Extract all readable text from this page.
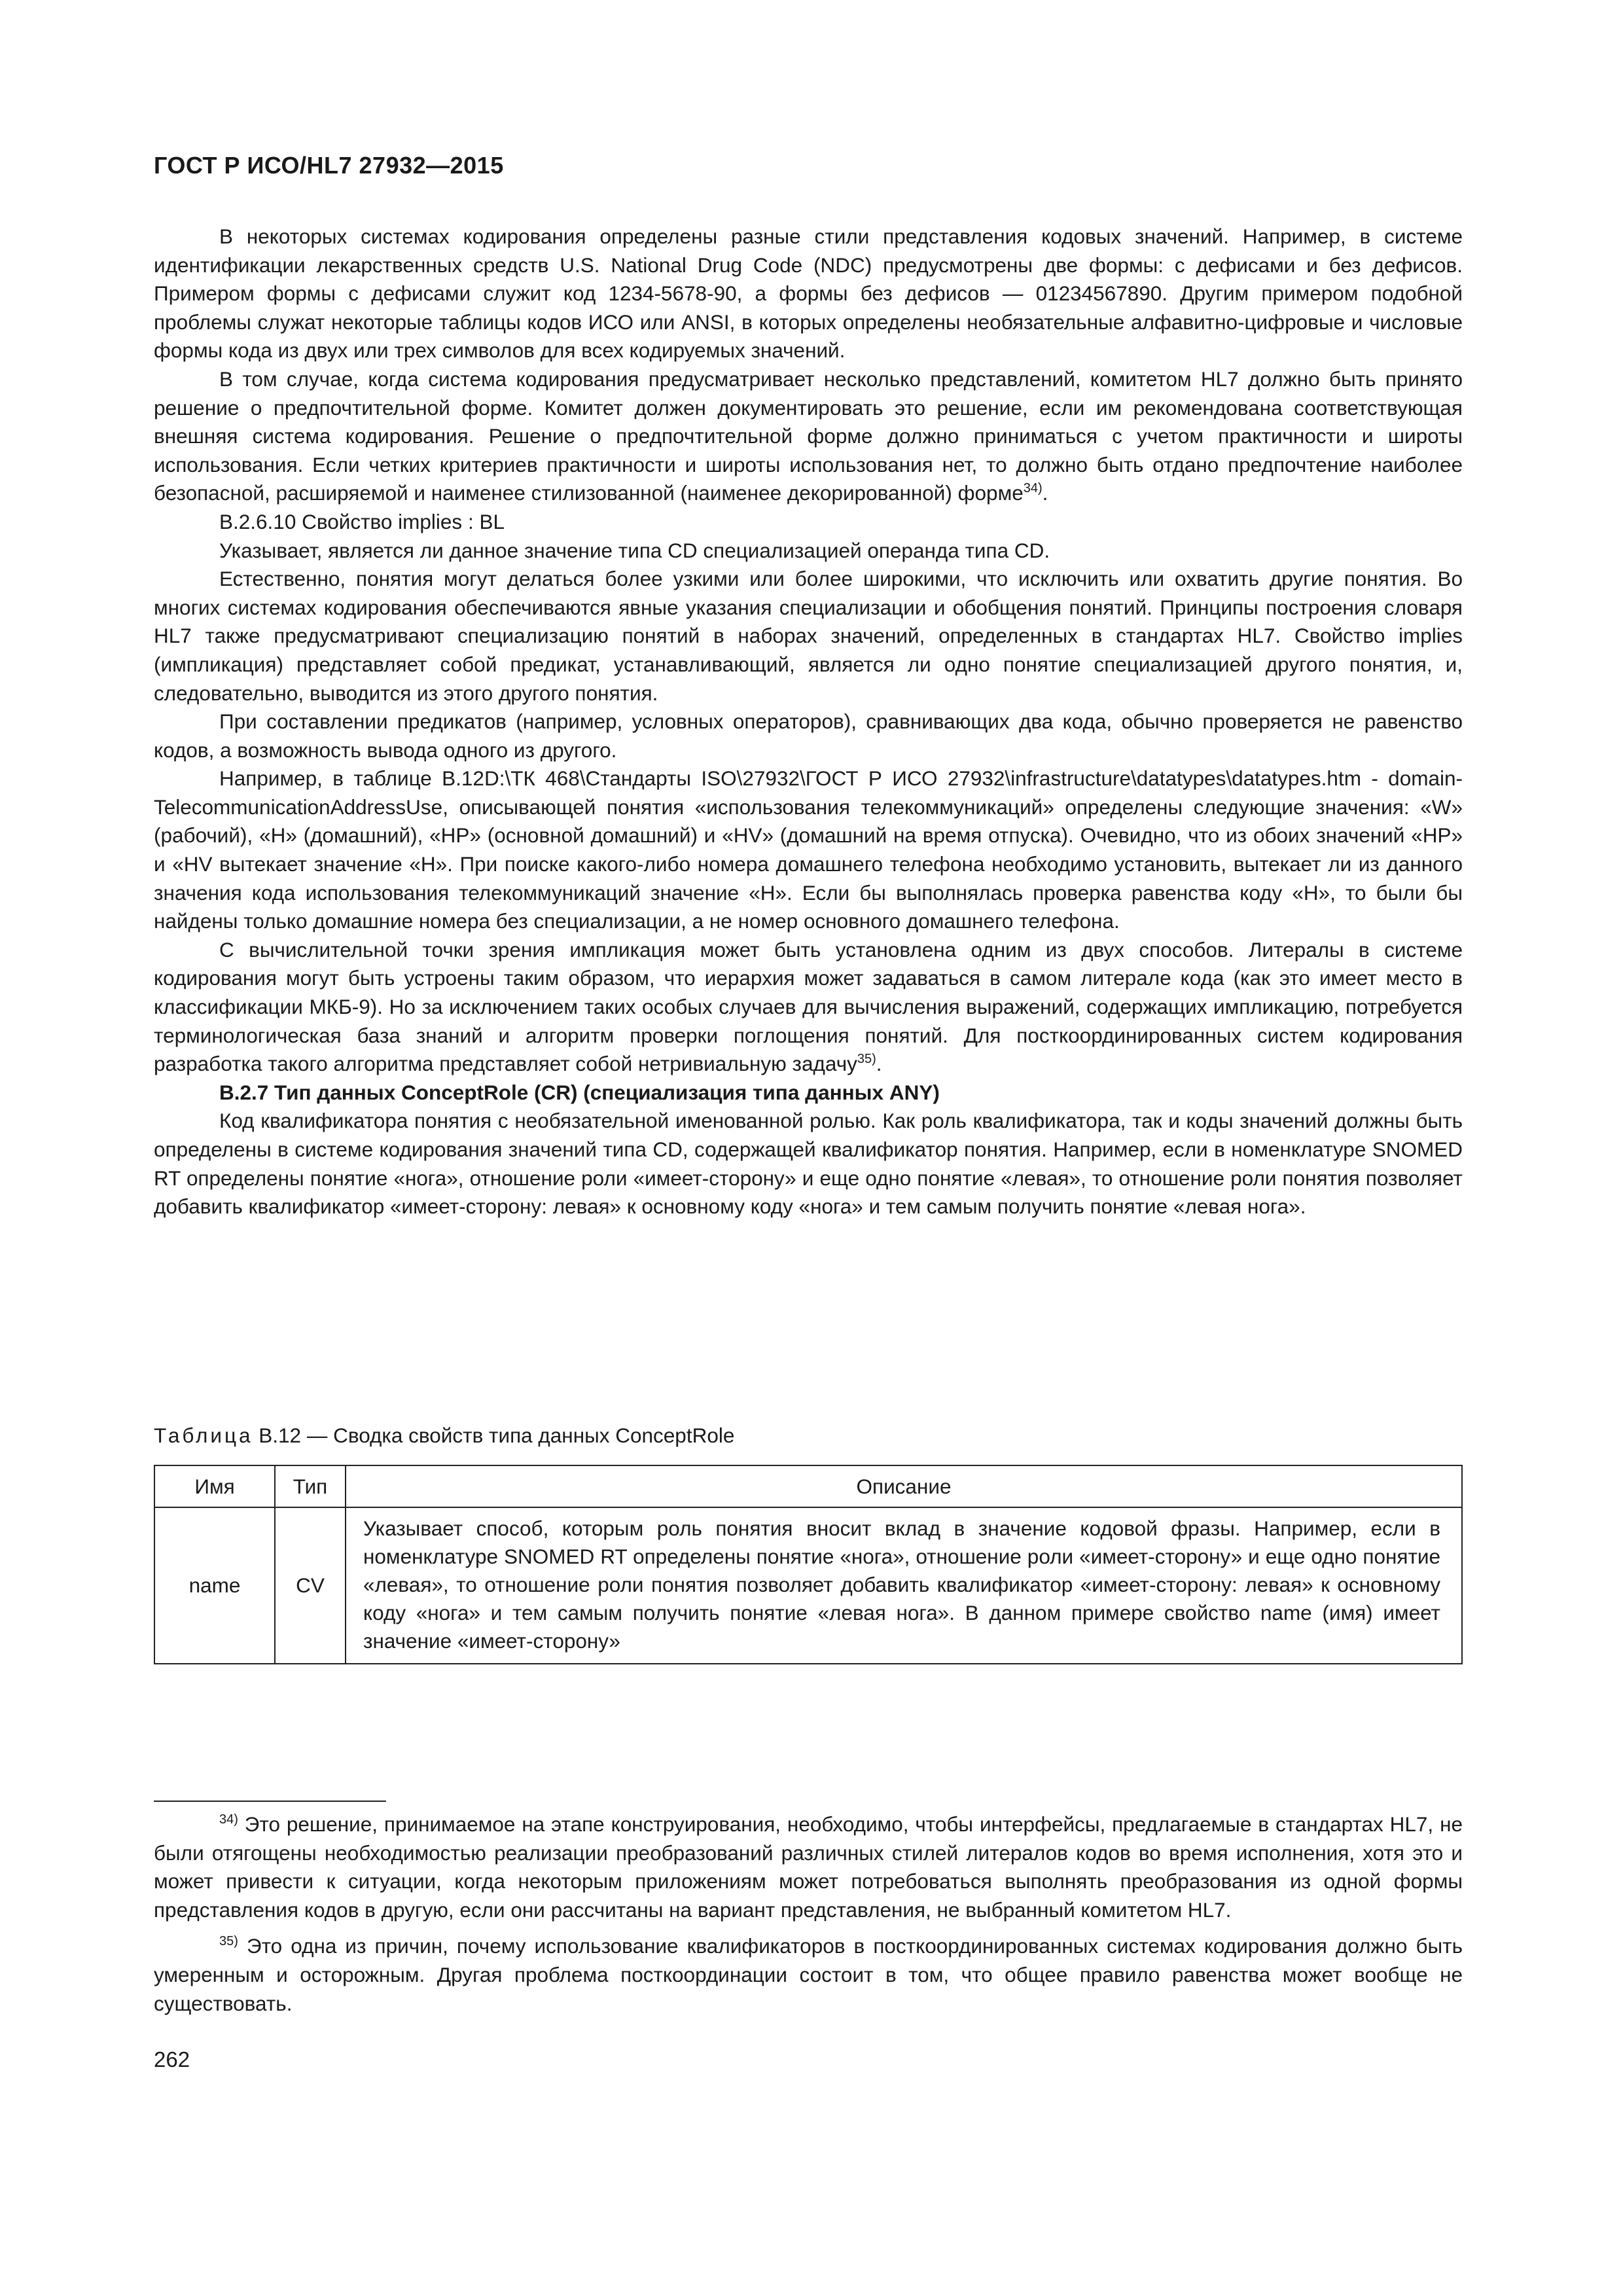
ГОСТ Р ИСО/HL7 27932—2015

В некоторых системах кодирования определены разные стили представления кодовых значений. Например, в системе идентификации лекарственных средств U.S. National Drug Code (NDC) предусмотрены две формы: с дефисами и без дефисов. Примером формы с дефисами служит код 1234-5678-90, а формы без дефисов — 01234567890. Другим примером подобной проблемы служат некоторые таблицы кодов ИСО или ANSI, в которых определены необязательные алфавитно-цифровые и числовые формы кода из двух или трех символов для всех кодируемых значений.

В том случае, когда система кодирования предусматривает несколько представлений, комитетом HL7 должно быть принято решение о предпочтительной форме. Комитет должен документировать это решение, если им рекомендована соответствующая внешняя система кодирования. Решение о предпочтительной форме должно приниматься с учетом практичности и широты использования. Если четких критериев практичности и широты использования нет, то должно быть отдано предпочтение наиболее безопасной, расширяемой и наименее стилизованной (наименее декорированной) форме$^{34)}$.

B.2.6.10 Свойство implies : BL

Указывает, является ли данное значение типа CD специализацией операнда типа CD.

Естественно, понятия могут делаться более узкими или более широкими, что исключить или охватить другие понятия. Во многих системах кодирования обеспечиваются явные указания специализации и обобщения понятий. Принципы построения словаря HL7 также предусматривают специализацию понятий в наборах значений, определенных в стандартах HL7. Свойство implies (импликация) представляет собой предикат, устанавливающий, является ли одно понятие специализацией другого понятия, и, следовательно, выводится из этого другого понятия.

При составлении предикатов (например, условных операторов), сравнивающих два кода, обычно проверяется не равенство кодов, а возможность вывода одного из другого.

Например, в таблице B.12D:\ТК 468\Стандарты ISO\27932\ГОСТ Р ИСО 27932\infrastructure\datatypes\datatypes.htm - domain-TelecommunicationAddressUse, описывающей понятия «использования телекоммуникаций» определены следующие значения: «W» (рабочий), «H» (домашний), «HP» (основной домашний) и «HV» (домашний на время отпуска). Очевидно, что из обоих значений «HP» и «HV вытекает значение «H». При поиске какого-либо номера домашнего телефона необходимо установить, вытекает ли из данного значения кода использования телекоммуникаций значение «H». Если бы выполнялась проверка равенства коду «H», то были бы найдены только домашние номера без специализации, а не номер основного домашнего телефона.

С вычислительной точки зрения импликация может быть установлена одним из двух способов. Литералы в системе кодирования могут быть устроены таким образом, что иерархия может задаваться в самом литерале кода (как это имеет место в классификации МКБ-9). Но за исключением таких особых случаев для вычисления выражений, содержащих импликацию, потребуется терминологическая база знаний и алгоритм проверки поглощения понятий. Для посткоординированных систем кодирования разработка такого алгоритма представляет собой нетривиальную задачу$^{35)}$.

B.2.7 Тип данных ConceptRole (CR) (специализация типа данных ANY)

Код квалификатора понятия с необязательной именованной ролью. Как роль квалификатора, так и коды значений должны быть определены в системе кодирования значений типа CD, содержащей квалификатор понятия. Например, если в номенклатуре SNOMED RT определены понятие «нога», отношение роли «имеет-сторону» и еще одно понятие «левая», то отношение роли понятия позволяет добавить квалификатор «имеет-сторону: левая» к основному коду «нога» и тем самым получить понятие «левая нога».

Таблица B.12 — Сводка свойств типа данных ConceptRole
Имя	Тип	Описание
name	CV	Указывает способ, которым роль понятия вносит вклад в значение кодовой фразы. Например, если в номенклатуре SNOMED RT определены понятие «нога», отношение роли «имеет-сторону» и еще одно понятие «левая», то отношение роли понятия позволяет добавить квалификатор «имеет-сторону: левая» к основному коду «нога» и тем самым получить понятие «левая нога». В данном примере свойство name (имя) имеет значение «имеет-сторону»

$^{34)}$ Это решение, принимаемое на этапе конструирования, необходимо, чтобы интерфейсы, предлагаемые в стандартах HL7, не были отягощены необходимостью реализации преобразований различных стилей литералов кодов во время исполнения, хотя это и может привести к ситуации, когда некоторым приложениям может потребоваться выполнять преобразования из одной формы представления кодов в другую, если они рассчитаны на вариант представления, не выбранный комитетом HL7.

$^{35)}$ Это одна из причин, почему использование квалификаторов в посткоординированных системах кодирования должно быть умеренным и осторожным. Другая проблема посткоординации состоит в том, что общее правило равенства может вообще не существовать.

262
